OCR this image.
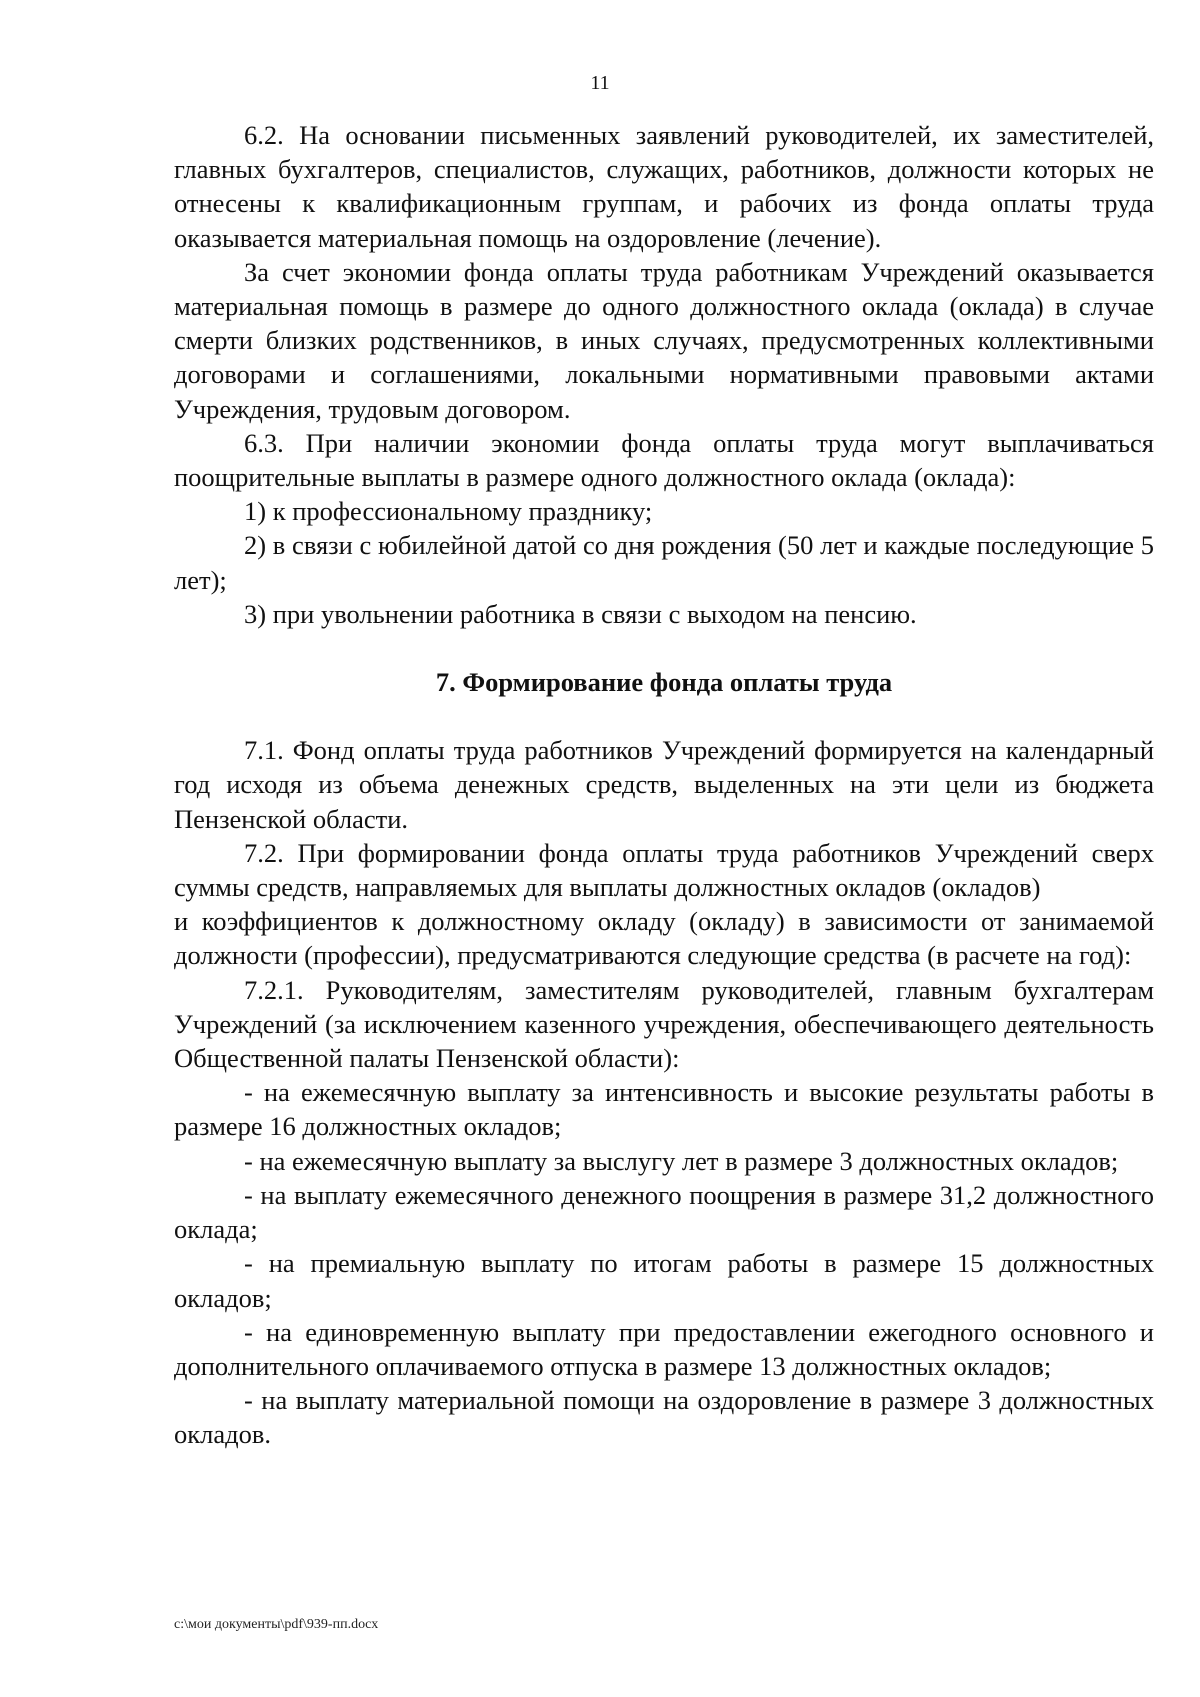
11

6.2. На основании письменных заявлений руководителей, их заместителей, главных бухгалтеров, специалистов, служащих, работников, должности которых не отнесены к квалификационным группам, и рабочих из фонда оплаты труда оказывается материальная помощь на оздоровление (лечение).

За счет экономии фонда оплаты труда работникам Учреждений оказывается материальная помощь в размере до одного должностного оклада (оклада) в случае смерти близких родственников, в иных случаях, предусмотренных коллективными договорами и соглашениями, локальными нормативными правовыми актами Учреждения, трудовым договором.

6.3. При наличии экономии фонда оплаты труда могут выплачиваться поощрительные выплаты в размере одного должностного оклада (оклада):

1) к профессиональному празднику;

2) в связи с юбилейной датой со дня рождения (50 лет и каждые последующие 5 лет);

3) при увольнении работника в связи с выходом на пенсию.

7. Формирование фонда оплаты труда

7.1. Фонд оплаты труда работников Учреждений формируется на календарный год исходя из объема денежных средств, выделенных на эти цели из бюджета Пензенской области.

7.2. При формировании фонда оплаты труда работников Учреждений сверх суммы средств, направляемых для выплаты должностных окладов (окладов)

и коэффициентов к должностному окладу (окладу) в зависимости от занимаемой должности (профессии), предусматриваются следующие средства (в расчете на год):

7.2.1. Руководителям, заместителям руководителей, главным бухгалтерам Учреждений (за исключением казенного учреждения, обеспечивающего деятельность Общественной палаты Пензенской области):

- на ежемесячную выплату за интенсивность и высокие результаты работы в размере 16 должностных окладов;

- на ежемесячную выплату за выслугу лет в размере 3 должностных окладов;

- на выплату ежемесячного денежного поощрения в размере 31,2 должностного оклада;

- на премиальную выплату по итогам работы в размере 15 должностных окладов;

- на единовременную выплату при предоставлении ежегодного основного и дополнительного оплачиваемого отпуска в размере 13 должностных окладов;

- на выплату материальной помощи на оздоровление в размере 3 должностных окладов.

c:\мои документы\pdf\939-пп.docx
